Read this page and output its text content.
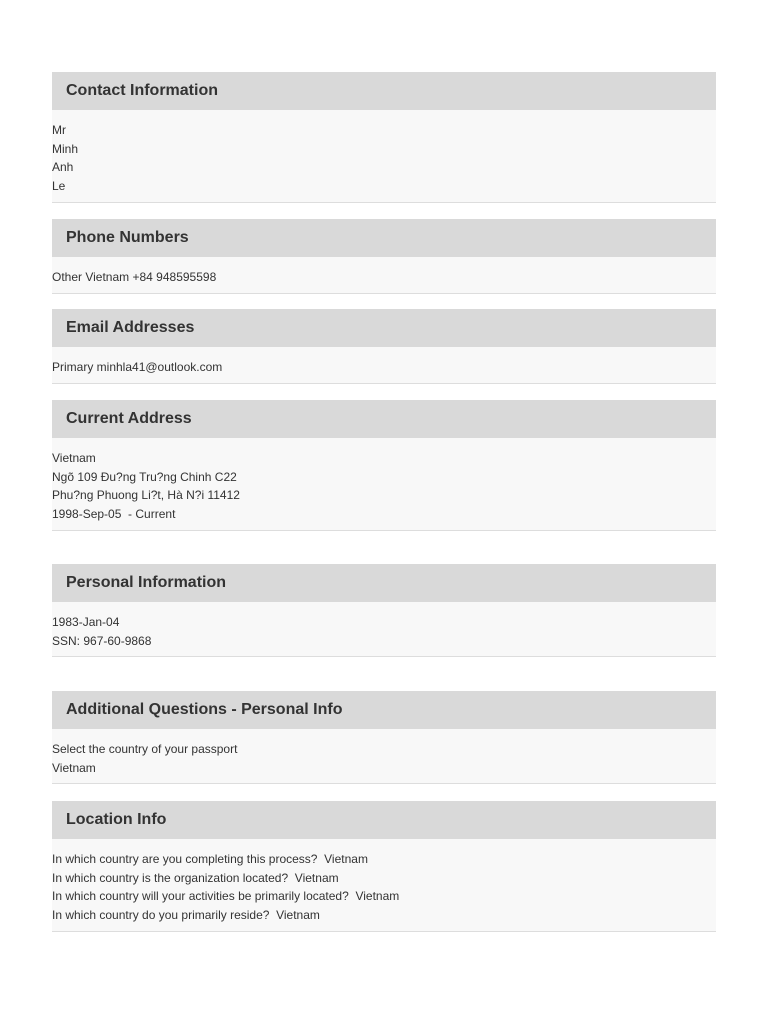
Contact Information
Mr
Minh
Anh
Le
Phone Numbers
Other Vietnam +84 948595598
Email Addresses
Primary minhla41@outlook.com
Current Address
Vietnam
Ngõ 109 Đu?ng Tru?ng Chinh C22
Phu?ng Phuong Li?t, Hà N?i 11412
1998-Sep-05  - Current
Personal Information
1983-Jan-04
SSN: 967-60-9868
Additional Questions - Personal Info
Select the country of your passport
Vietnam
Location Info
In which country are you completing this process?  Vietnam
In which country is the organization located?  Vietnam
In which country will your activities be primarily located?  Vietnam
In which country do you primarily reside?  Vietnam
